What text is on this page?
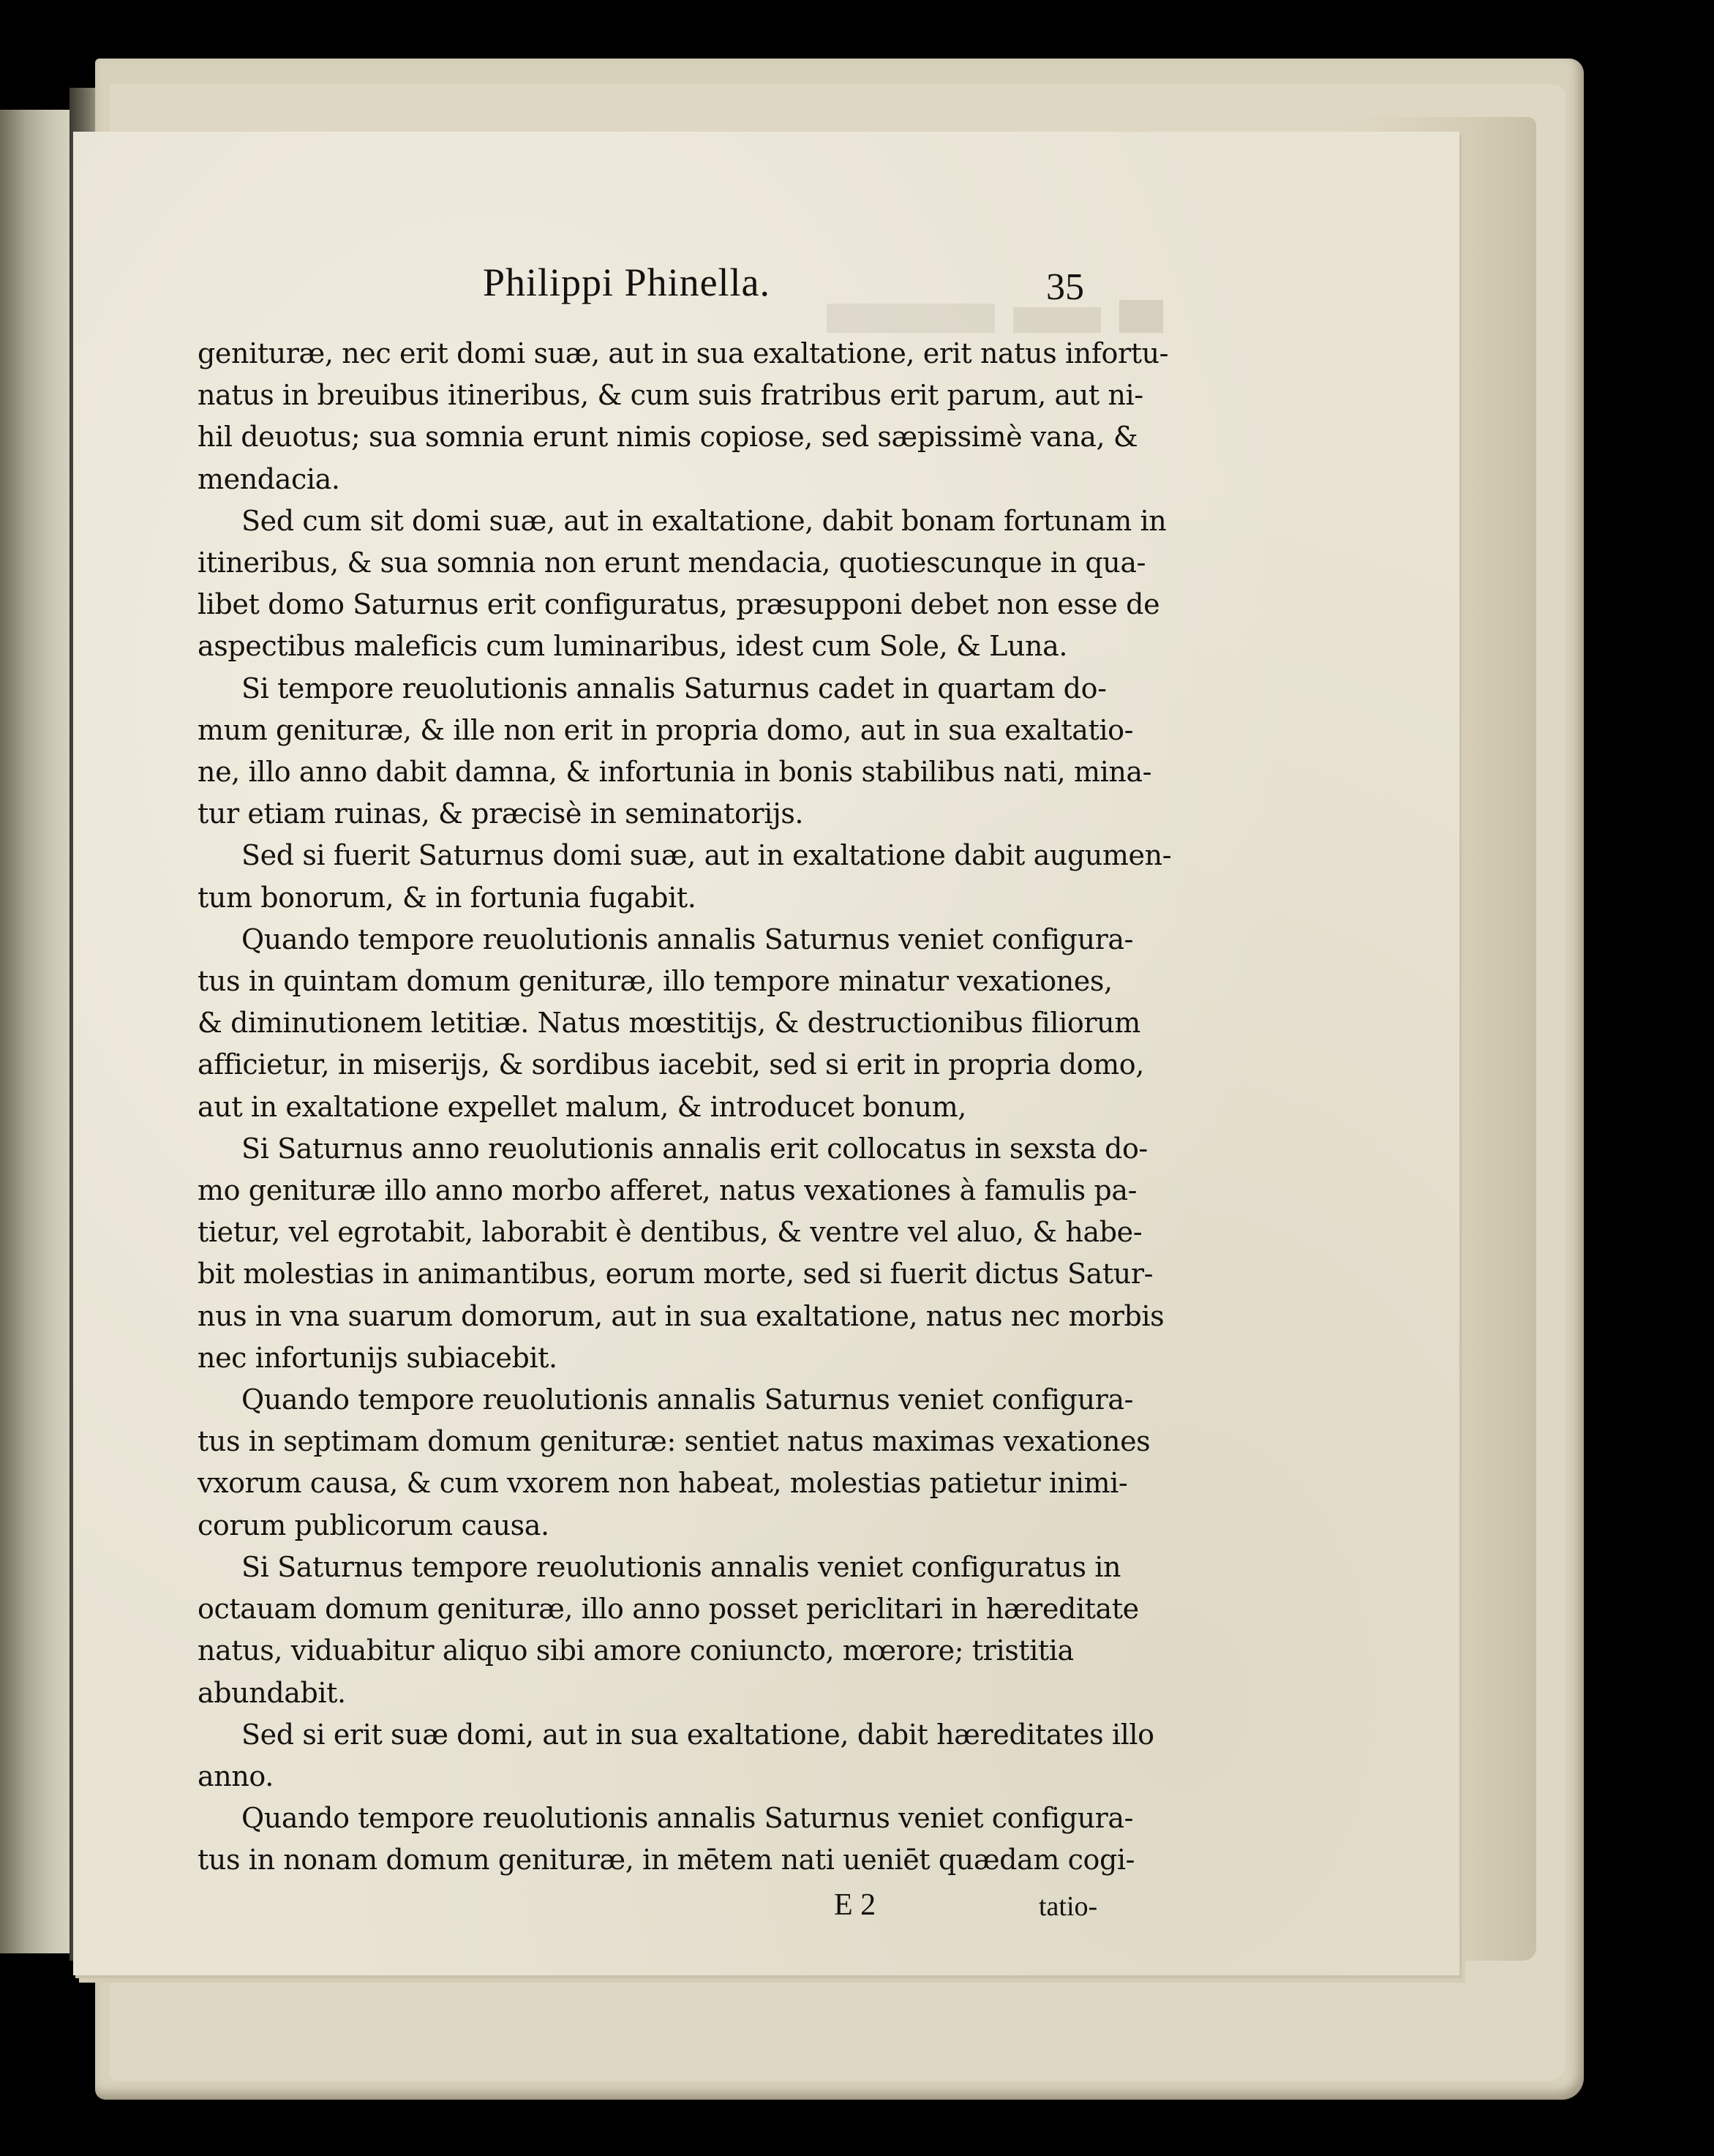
Philippi Phinella.	35
genituræ, nec erit domi suæ, aut in sua exaltatione, erit natus infortu-
natus in breuibus itineribus, & cum suis fratribus erit parum, aut ni-
hil deuotus; sua somnia erunt nimis copiose, sed sæpissimè vana, &
mendacia.
Sed cum sit domi suæ, aut in exaltatione, dabit bonam fortunam in
itineribus, & sua somnia non erunt mendacia, quotiescunque in qua-
libet domo Saturnus erit configuratus, præsupponi debet non esse de
aspectibus maleficis cum luminaribus, idest cum Sole, & Luna.
Si tempore reuolutionis annalis Saturnus cadet in quartam do-
mum genituræ, & ille non erit in propria domo, aut in sua exaltatio-
ne, illo anno dabit damna, & infortunia in bonis stabilibus nati, mina-
tur etiam ruinas, & præcisè in seminatorijs.
Sed si fuerit Saturnus domi suæ, aut in exaltatione dabit augumen-
tum bonorum, & in fortunia fugabit.
Quando tempore reuolutionis annalis Saturnus veniet configura-
tus in quintam domum genituræ, illo tempore minatur vexationes,
& diminutionem letitiæ. Natus mœstitijs, & destructionibus filiorum
afficietur, in miserijs, & sordibus iacebit, sed si erit in propria domo,
aut in exaltatione expellet malum, & introducet bonum,
Si Saturnus anno reuolutionis annalis erit collocatus in sexsta do-
mo genituræ illo anno morbo afferet, natus vexationes à famulis pa-
tietur, vel egrotabit, laborabit è dentibus, & ventre vel aluo, & habe-
bit molestias in animantibus, eorum morte, sed si fuerit dictus Satur-
nus in vna suarum domorum, aut in sua exaltatione, natus nec morbis
nec infortunijs subiacebit.
Quando tempore reuolutionis annalis Saturnus veniet configura-
tus in septimam domum genituræ: sentiet natus maximas vexationes
vxorum causa, & cum vxorem non habeat, molestias patietur inimi-
corum publicorum causa.
Si Saturnus tempore reuolutionis annalis veniet configuratus in
octauam domum genituræ, illo anno posset periclitari in hæreditate
natus, viduabitur aliquo sibi amore coniuncto, mœrore; tristitia
abundabit.
Sed si erit suæ domi, aut in sua exaltatione, dabit hæreditates illo
anno.
Quando tempore reuolutionis annalis Saturnus veniet configura-
tus in nonam domum genituræ, in mētem nati ueniēt quædam cogi-
E 2	tatio-
